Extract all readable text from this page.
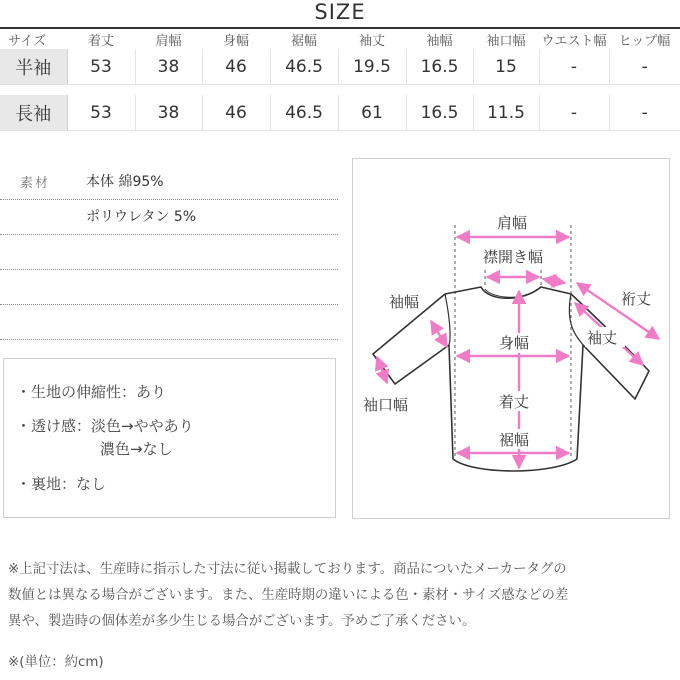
SIZE
サイズ	着丈	肩幅	身幅	裾幅	袖丈	袖幅	袖口幅	ウエスト幅	ヒップ幅
半袖	53	38	46	46.5	19.5	16.5	15	-	-

長袖	53	38	46	46.5	61	16.5	11.5	-	-
素材	本体 綿95%
ポリウレタン 5%
・生地の伸縮性：あり
・透け感：淡色→ややあり
濃色→なし
・裏地：なし
肩幅
襟開き幅
裄丈
袖丈
袖幅
身幅
袖口幅	着丈
裾幅
※上記寸法は、生産時に指示した寸法に従い掲載しております。商品についたメーカータグの
数値とは異なる場合がございます。また、生産時期の違いによる色・素材・サイズ感などの差
異や、製造時の個体差が多少生じる場合がございます。予めご了承ください。
※(単位：約cm)
